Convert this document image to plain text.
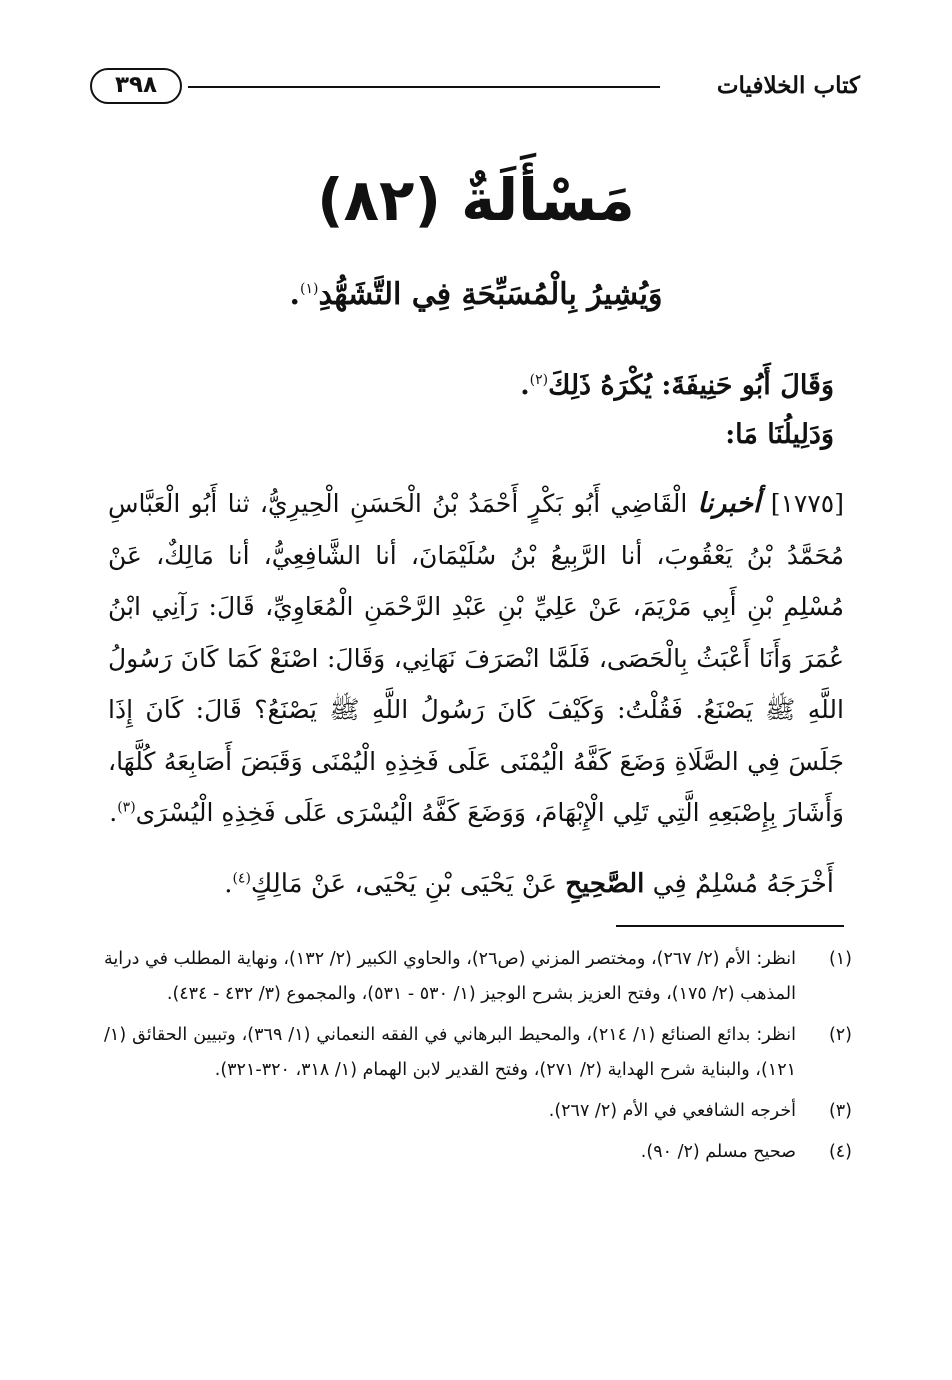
٣٩٨	كتاب الخلافيات
مَسْأَلَةٌ (٨٢)
وَيُشِيرُ بِالْمُسَبِّحَةِ فِي التَّشَهُّدِ$^{(١)}$.
وَقَالَ أَبُو حَنِيفَةَ: يُكْرَهُ ذَلِكَ$^{(٢)}$.
وَدَلِيلُنَا مَا:
[١٧٧٥] أخبرنا الْقَاضِي أَبُو بَكْرٍ أَحْمَدُ بْنُ الْحَسَنِ الْحِيرِيُّ، ثنا أَبُو الْعَبَّاسِ مُحَمَّدُ بْنُ يَعْقُوبَ، أنا الرَّبِيعُ بْنُ سُلَيْمَانَ، أنا الشَّافِعِيُّ، أنا مَالِكٌ، عَنْ مُسْلِمِ بْنِ أَبِي مَرْيَمَ، عَنْ عَلِيِّ بْنِ عَبْدِ الرَّحْمَنِ الْمُعَاوِيِّ، قَالَ: رَآنِي ابْنُ عُمَرَ وَأَنَا أَعْبَثُ بِالْحَصَى، فَلَمَّا انْصَرَفَ نَهَانِي، وَقَالَ: اصْنَعْ كَمَا كَانَ رَسُولُ اللَّهِ ﷺ يَصْنَعُ. فَقُلْتُ: وَكَيْفَ كَانَ رَسُولُ اللَّهِ ﷺ يَصْنَعُ؟ قَالَ: كَانَ إِذَا جَلَسَ فِي الصَّلَاةِ وَضَعَ كَفَّهُ الْيُمْنَى عَلَى فَخِذِهِ الْيُمْنَى وَقَبَضَ أَصَابِعَهُ كُلَّهَا، وَأَشَارَ بِإِصْبَعِهِ الَّتِي تَلِي الْإِبْهَامَ، وَوَضَعَ كَفَّهُ الْيُسْرَى عَلَى فَخِذِهِ الْيُسْرَى$^{(٣)}$.
أَخْرَجَهُ مُسْلِمٌ فِي الصَّحِيحِ عَنْ يَحْيَى بْنِ يَحْيَى، عَنْ مَالِكٍ$^{(٤)}$.
(١)
انظر: الأم (٢/ ٢٦٧)، ومختصر المزني (ص٢٦)، والحاوي الكبير (٢/ ١٣٢)، ونهاية المطلب في دراية المذهب (٢/ ١٧٥)، وفتح العزيز بشرح الوجيز (١/ ٥٣٠ - ٥٣١)، والمجموع (٣/ ٤٣٢ - ٤٣٤).
(٢)
انظر: بدائع الصنائع (١/ ٢١٤)، والمحيط البرهاني في الفقه النعماني (١/ ٣٦٩)، وتبيين الحقائق (١/ ١٢١)، والبناية شرح الهداية (٢/ ٢٧١)، وفتح القدير لابن الهمام (١/ ٣١٨، ٣٢٠-٣٢١).
(٣)
أخرجه الشافعي في الأم (٢/ ٢٦٧).
(٤)
صحيح مسلم (٢/ ٩٠).
